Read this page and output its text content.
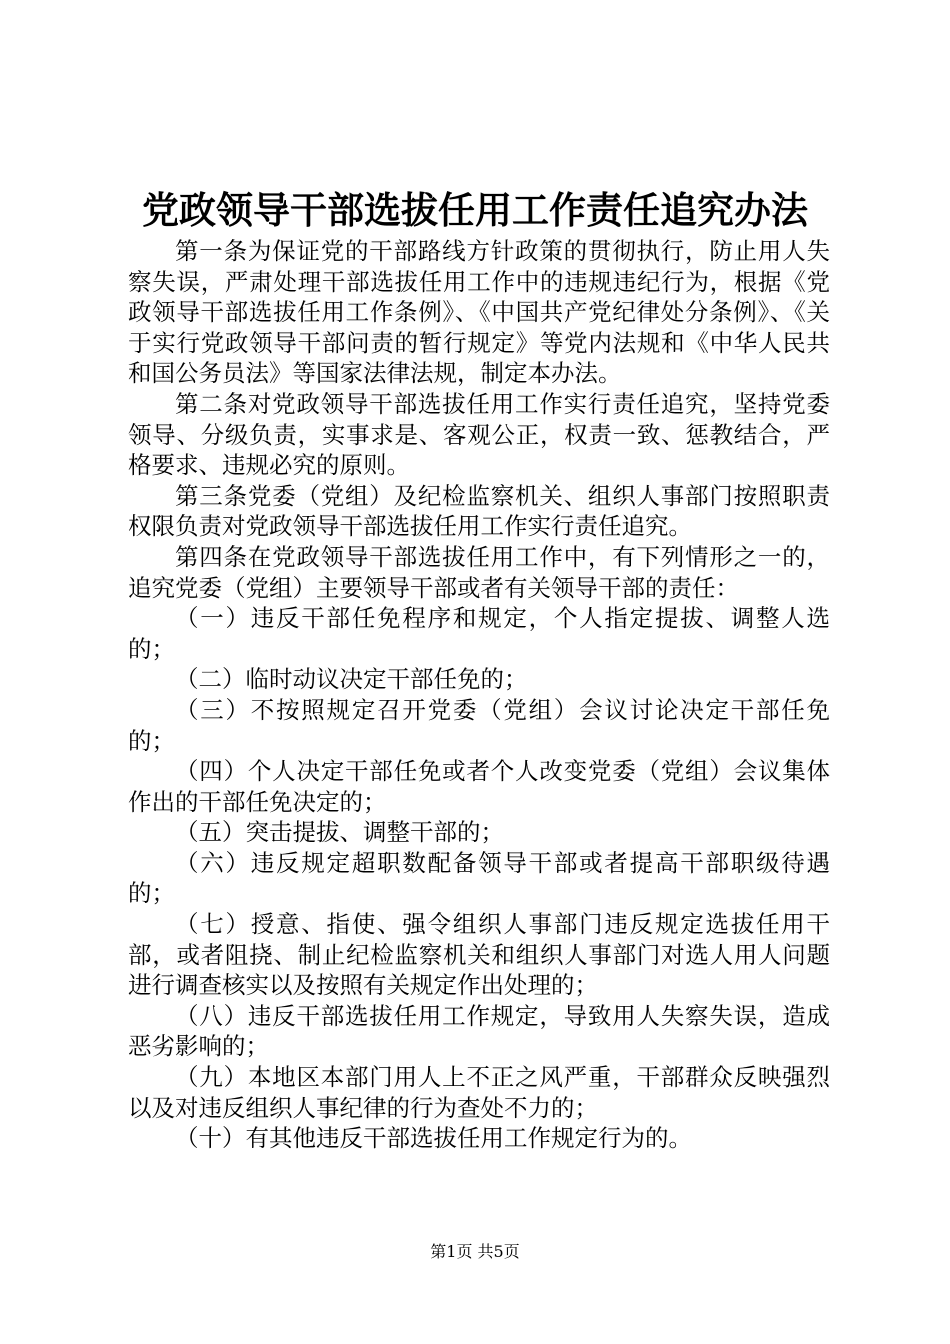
党政领导干部选拔任用工作责任追究办法

第一条为保证党的干部路线方针政策的贯彻执行，防止用人失察失误，严肃处理干部选拔任用工作中的违规违纪行为，根据《党政领导干部选拔任用工作条例》、《中国共产党纪律处分条例》、《关于实行党政领导干部问责的暂行规定》等党内法规和《中华人民共和国公务员法》等国家法律法规，制定本办法。

第二条对党政领导干部选拔任用工作实行责任追究，坚持党委领导、分级负责，实事求是、客观公正，权责一致、惩教结合，严格要求、违规必究的原则。

第三条党委（党组）及纪检监察机关、组织人事部门按照职责权限负责对党政领导干部选拔任用工作实行责任追究。

第四条在党政领导干部选拔任用工作中，有下列情形之一的，追究党委（党组）主要领导干部或者有关领导干部的责任：

（一）违反干部任免程序和规定，个人指定提拔、调整人选的；

（二）临时动议决定干部任免的；

（三）不按照规定召开党委（党组）会议讨论决定干部任免的；

（四）个人决定干部任免或者个人改变党委（党组）会议集体作出的干部任免决定的；

（五）突击提拔、调整干部的；

（六）违反规定超职数配备领导干部或者提高干部职级待遇的；

（七）授意、指使、强令组织人事部门违反规定选拔任用干部，或者阻挠、制止纪检监察机关和组织人事部门对选人用人问题进行调查核实以及按照有关规定作出处理的；

（八）违反干部选拔任用工作规定，导致用人失察失误，造成恶劣影响的；

（九）本地区本部门用人上不正之风严重，干部群众反映强烈以及对违反组织人事纪律的行为查处不力的；

（十）有其他违反干部选拔任用工作规定行为的。

第1页 共5页
